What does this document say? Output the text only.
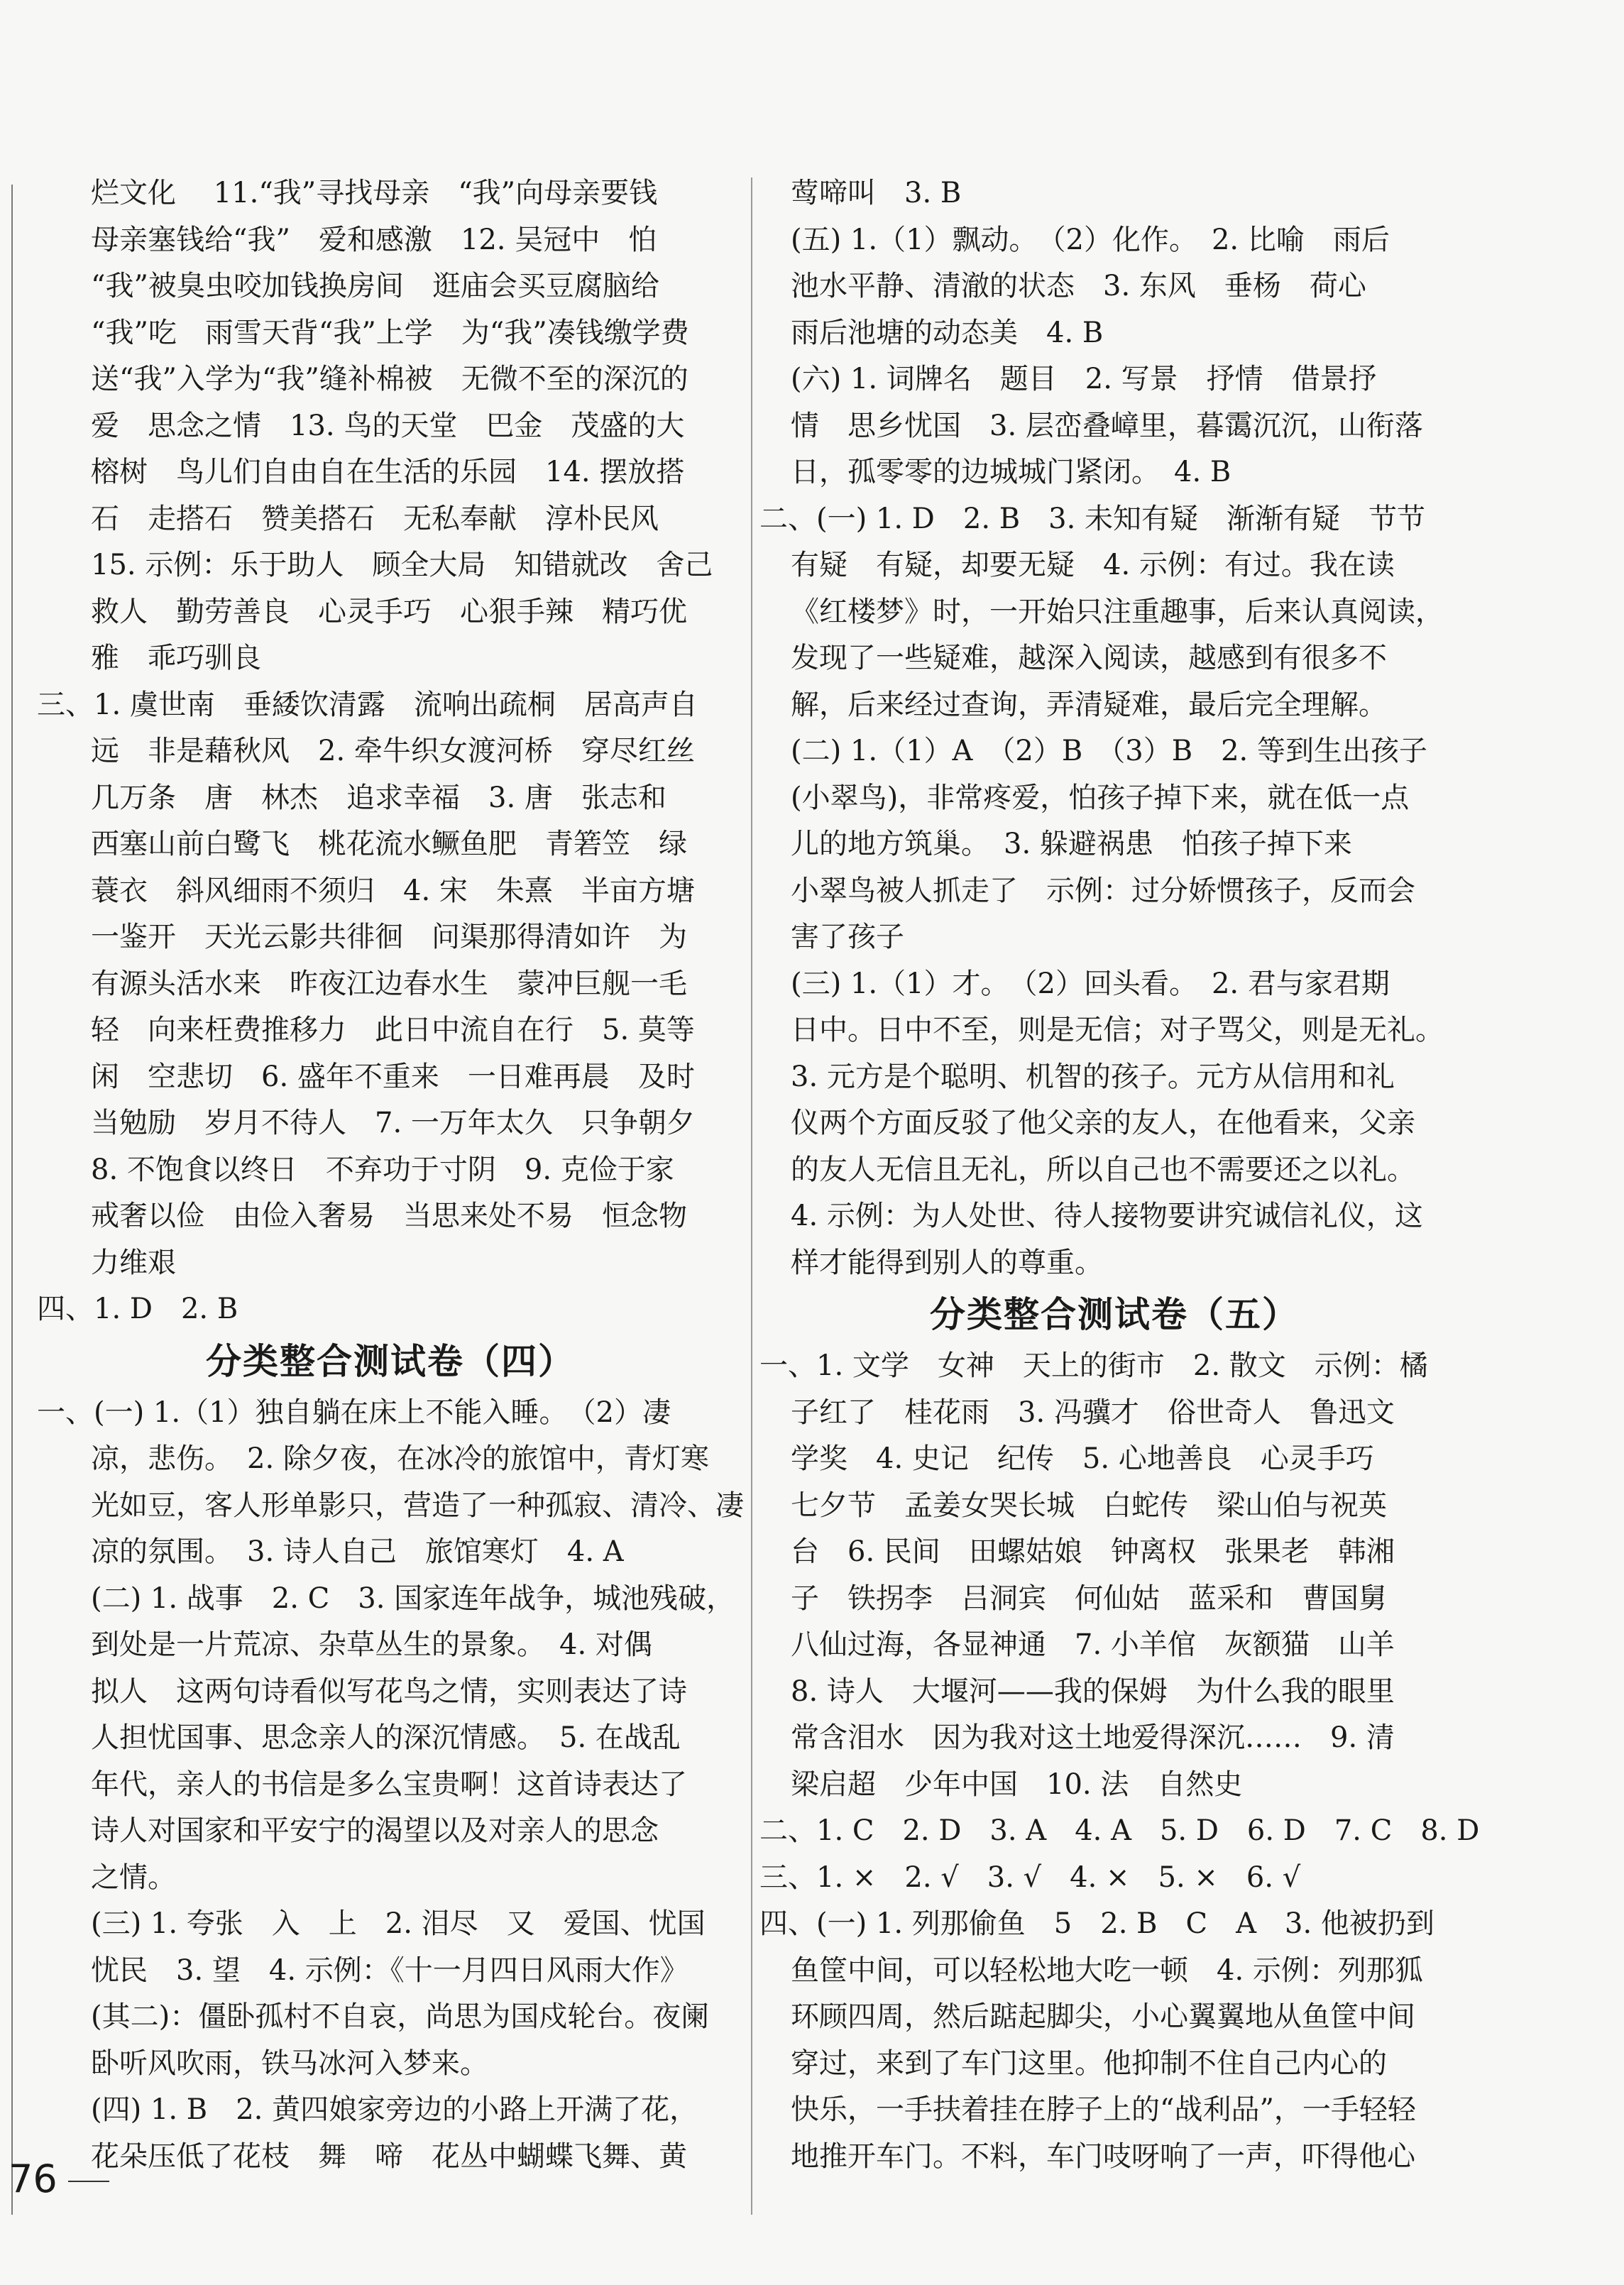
烂文化　 11.“我”寻找母亲　“我”向母亲要钱
母亲塞钱给“我”　爱和感激　12. 吴冠中　怕
“我”被臭虫咬加钱换房间　逛庙会买豆腐脑给
“我”吃　雨雪天背“我”上学　为“我”凑钱缴学费
送“我”入学为“我”缝补棉被　无微不至的深沉的
爱　思念之情　13. 鸟的天堂　巴金　茂盛的大
榕树　鸟儿们自由自在生活的乐园　14. 摆放搭
石　走搭石　赞美搭石　无私奉献　淳朴民风
15. 示例：乐于助人　顾全大局　知错就改　舍己
救人　勤劳善良　心灵手巧　心狠手辣　精巧优
雅　乖巧驯良
三、1. 虞世南　垂緌饮清露　流响出疏桐　居高声自
远　非是藉秋风　2. 牵牛织女渡河桥　穿尽红丝
几万条　唐　林杰　追求幸福　3. 唐　张志和
西塞山前白鹭飞　桃花流水鳜鱼肥　青箬笠　绿
蓑衣　斜风细雨不须归　4. 宋　朱熹　半亩方塘
一鉴开　天光云影共徘徊　问渠那得清如许　为
有源头活水来　昨夜江边春水生　蒙冲巨舰一毛
轻　向来枉费推移力　此日中流自在行　5. 莫等
闲　空悲切　6. 盛年不重来　一日难再晨　及时
当勉励　岁月不待人　7. 一万年太久　只争朝夕
8. 不饱食以终日　不弃功于寸阴　9. 克俭于家
戒奢以俭　由俭入奢易　当思来处不易　恒念物
力维艰
四、1. D　2. B
分类整合测试卷（四）
一、(一) 1.（1）独自躺在床上不能入睡。　（2）凄
凉，悲伤。　2. 除夕夜，在冰冷的旅馆中，青灯寒
光如豆，客人形单影只，营造了一种孤寂、清冷、凄
凉的氛围。　3. 诗人自己　旅馆寒灯　4. A
(二) 1. 战事　2. C　3. 国家连年战争，城池残破，
到处是一片荒凉、杂草丛生的景象。　4. 对偶
拟人　这两句诗看似写花鸟之情，实则表达了诗
人担忧国事、思念亲人的深沉情感。　5. 在战乱
年代，亲人的书信是多么宝贵啊！这首诗表达了
诗人对国家和平安宁的渴望以及对亲人的思念
之情。
(三) 1. 夸张　入　上　2. 泪尽　又　爱国、忧国
忧民　3. 望　4. 示例：《十一月四日风雨大作》
(其二)：僵卧孤村不自哀，尚思为国戍轮台。夜阑
卧听风吹雨，铁马冰河入梦来。
(四) 1. B　2. 黄四娘家旁边的小路上开满了花，
花朵压低了花枝　舞　啼　花丛中蝴蝶飞舞、黄
莺啼叫　3. B
(五) 1.（1）飘动。　（2）化作。　2. 比喻　雨后
池水平静、清澈的状态　3. 东风　垂杨　荷心
雨后池塘的动态美　4. B
(六) 1. 词牌名　题目　2. 写景　抒情　借景抒
情　思乡忧国　3. 层峦叠嶂里，暮霭沉沉，山衔落
日，孤零零的边城城门紧闭。　4. B
二、(一) 1. D　2. B　3. 未知有疑　渐渐有疑　节节
有疑　有疑，却要无疑　4. 示例：有过。我在读
《红楼梦》时，一开始只注重趣事，后来认真阅读，
发现了一些疑难，越深入阅读，越感到有很多不
解，后来经过查询，弄清疑难，最后完全理解。
(二) 1.（1）A　（2）B　（3）B　2. 等到生出孩子
(小翠鸟)，非常疼爱，怕孩子掉下来，就在低一点
儿的地方筑巢。　3. 躲避祸患　怕孩子掉下来
小翠鸟被人抓走了　示例：过分娇惯孩子，反而会
害了孩子
(三) 1.（1）才。　（2）回头看。　2. 君与家君期
日中。日中不至，则是无信；对子骂父，则是无礼。
3. 元方是个聪明、机智的孩子。元方从信用和礼
仪两个方面反驳了他父亲的友人，在他看来，父亲
的友人无信且无礼，所以自己也不需要还之以礼。
4. 示例：为人处世、待人接物要讲究诚信礼仪，这
样才能得到别人的尊重。
分类整合测试卷（五）
一、1. 文学　女神　天上的街市　2. 散文　示例：橘
子红了　桂花雨　3. 冯骥才　俗世奇人　鲁迅文
学奖　4. 史记　纪传　5. 心地善良　心灵手巧
七夕节　孟姜女哭长城　白蛇传　梁山伯与祝英
台　6. 民间　田螺姑娘　钟离权　张果老　韩湘
子　铁拐李　吕洞宾　何仙姑　蓝采和　曹国舅
八仙过海，各显神通　7. 小羊倌　灰额猫　山羊
8. 诗人　大堰河——我的保姆　为什么我的眼里
常含泪水　因为我对这土地爱得深沉……　9. 清
梁启超　少年中国　10. 法　自然史
二、1. C　2. D　3. A　4. A　5. D　6. D　7. C　8. D
三、1. ×　2. √　3. √　4. ×　5. ×　6. √
四、(一) 1. 列那偷鱼　5　2. B　C　A　3. 他被扔到
鱼筐中间，可以轻松地大吃一顿　4. 示例：列那狐
环顾四周，然后踮起脚尖，小心翼翼地从鱼筐中间
穿过，来到了车门这里。他抑制不住自己内心的
快乐，一手扶着挂在脖子上的“战利品”，一手轻轻
地推开车门。不料，车门吱呀响了一声，吓得他心
76
